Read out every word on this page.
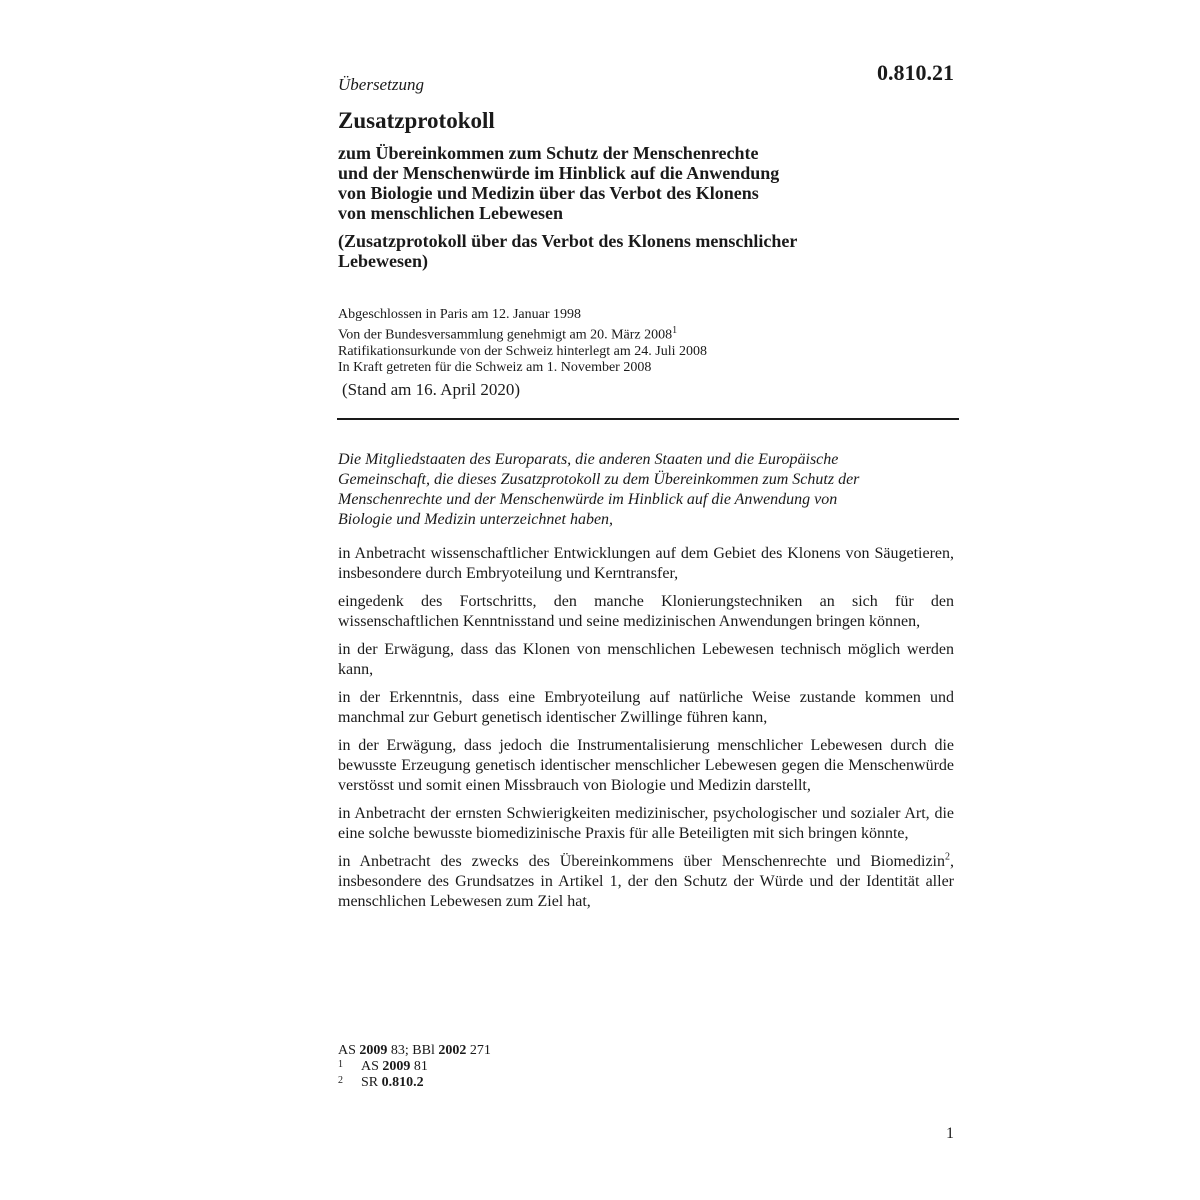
Übersetzung	0.810.21
Zusatzprotokoll
zum Übereinkommen zum Schutz der Menschenrechte
und der Menschenwürde im Hinblick auf die Anwendung
von Biologie und Medizin über das Verbot des Klonens
von menschlichen Lebewesen
(Zusatzprotokoll über das Verbot des Klonens menschlicher
Lebewesen)
Abgeschlossen in Paris am 12. Januar 1998
Von der Bundesversammlung genehmigt am 20. März 2008$^1$
Ratifikationsurkunde von der Schweiz hinterlegt am 24. Juli 2008
In Kraft getreten für die Schweiz am 1. November 2008
(Stand am 16. April 2020)
Die Mitgliedstaaten des Europarats, die anderen Staaten und die Europäische
Gemeinschaft, die dieses Zusatzprotokoll zu dem Übereinkommen zum Schutz der
Menschenrechte und der Menschenwürde im Hinblick auf die Anwendung von
Biologie und Medizin unterzeichnet haben,

in Anbetracht wissenschaftlicher Entwicklungen auf dem Gebiet des Klonens von Säugetieren, insbesondere durch Embryoteilung und Kerntransfer,

eingedenk des Fortschritts, den manche Klonierungstechniken an sich für den wissenschaftlichen Kenntnisstand und seine medizinischen Anwendungen bringen können,

in der Erwägung, dass das Klonen von menschlichen Lebewesen technisch möglich werden kann,

in der Erkenntnis, dass eine Embryoteilung auf natürliche Weise zustande kommen und manchmal zur Geburt genetisch identischer Zwillinge führen kann,

in der Erwägung, dass jedoch die Instrumentalisierung menschlicher Lebewesen durch die bewusste Erzeugung genetisch identischer menschlicher Lebewesen gegen die Menschenwürde verstösst und somit einen Missbrauch von Biologie und Medizin darstellt,

in Anbetracht der ernsten Schwierigkeiten medizinischer, psychologischer und sozialer Art, die eine solche bewusste biomedizinische Praxis für alle Beteiligten mit sich bringen könnte,

in Anbetracht des zwecks des Übereinkommens über Menschenrechte und Biomedizin$^2$, insbesondere des Grundsatzes in Artikel 1, der den Schutz der Würde und der Identität aller menschlichen Lebewesen zum Ziel hat,

AS 2009 83; BBl 2002 271
1	AS 2009 81
2	SR 0.810.2
1
